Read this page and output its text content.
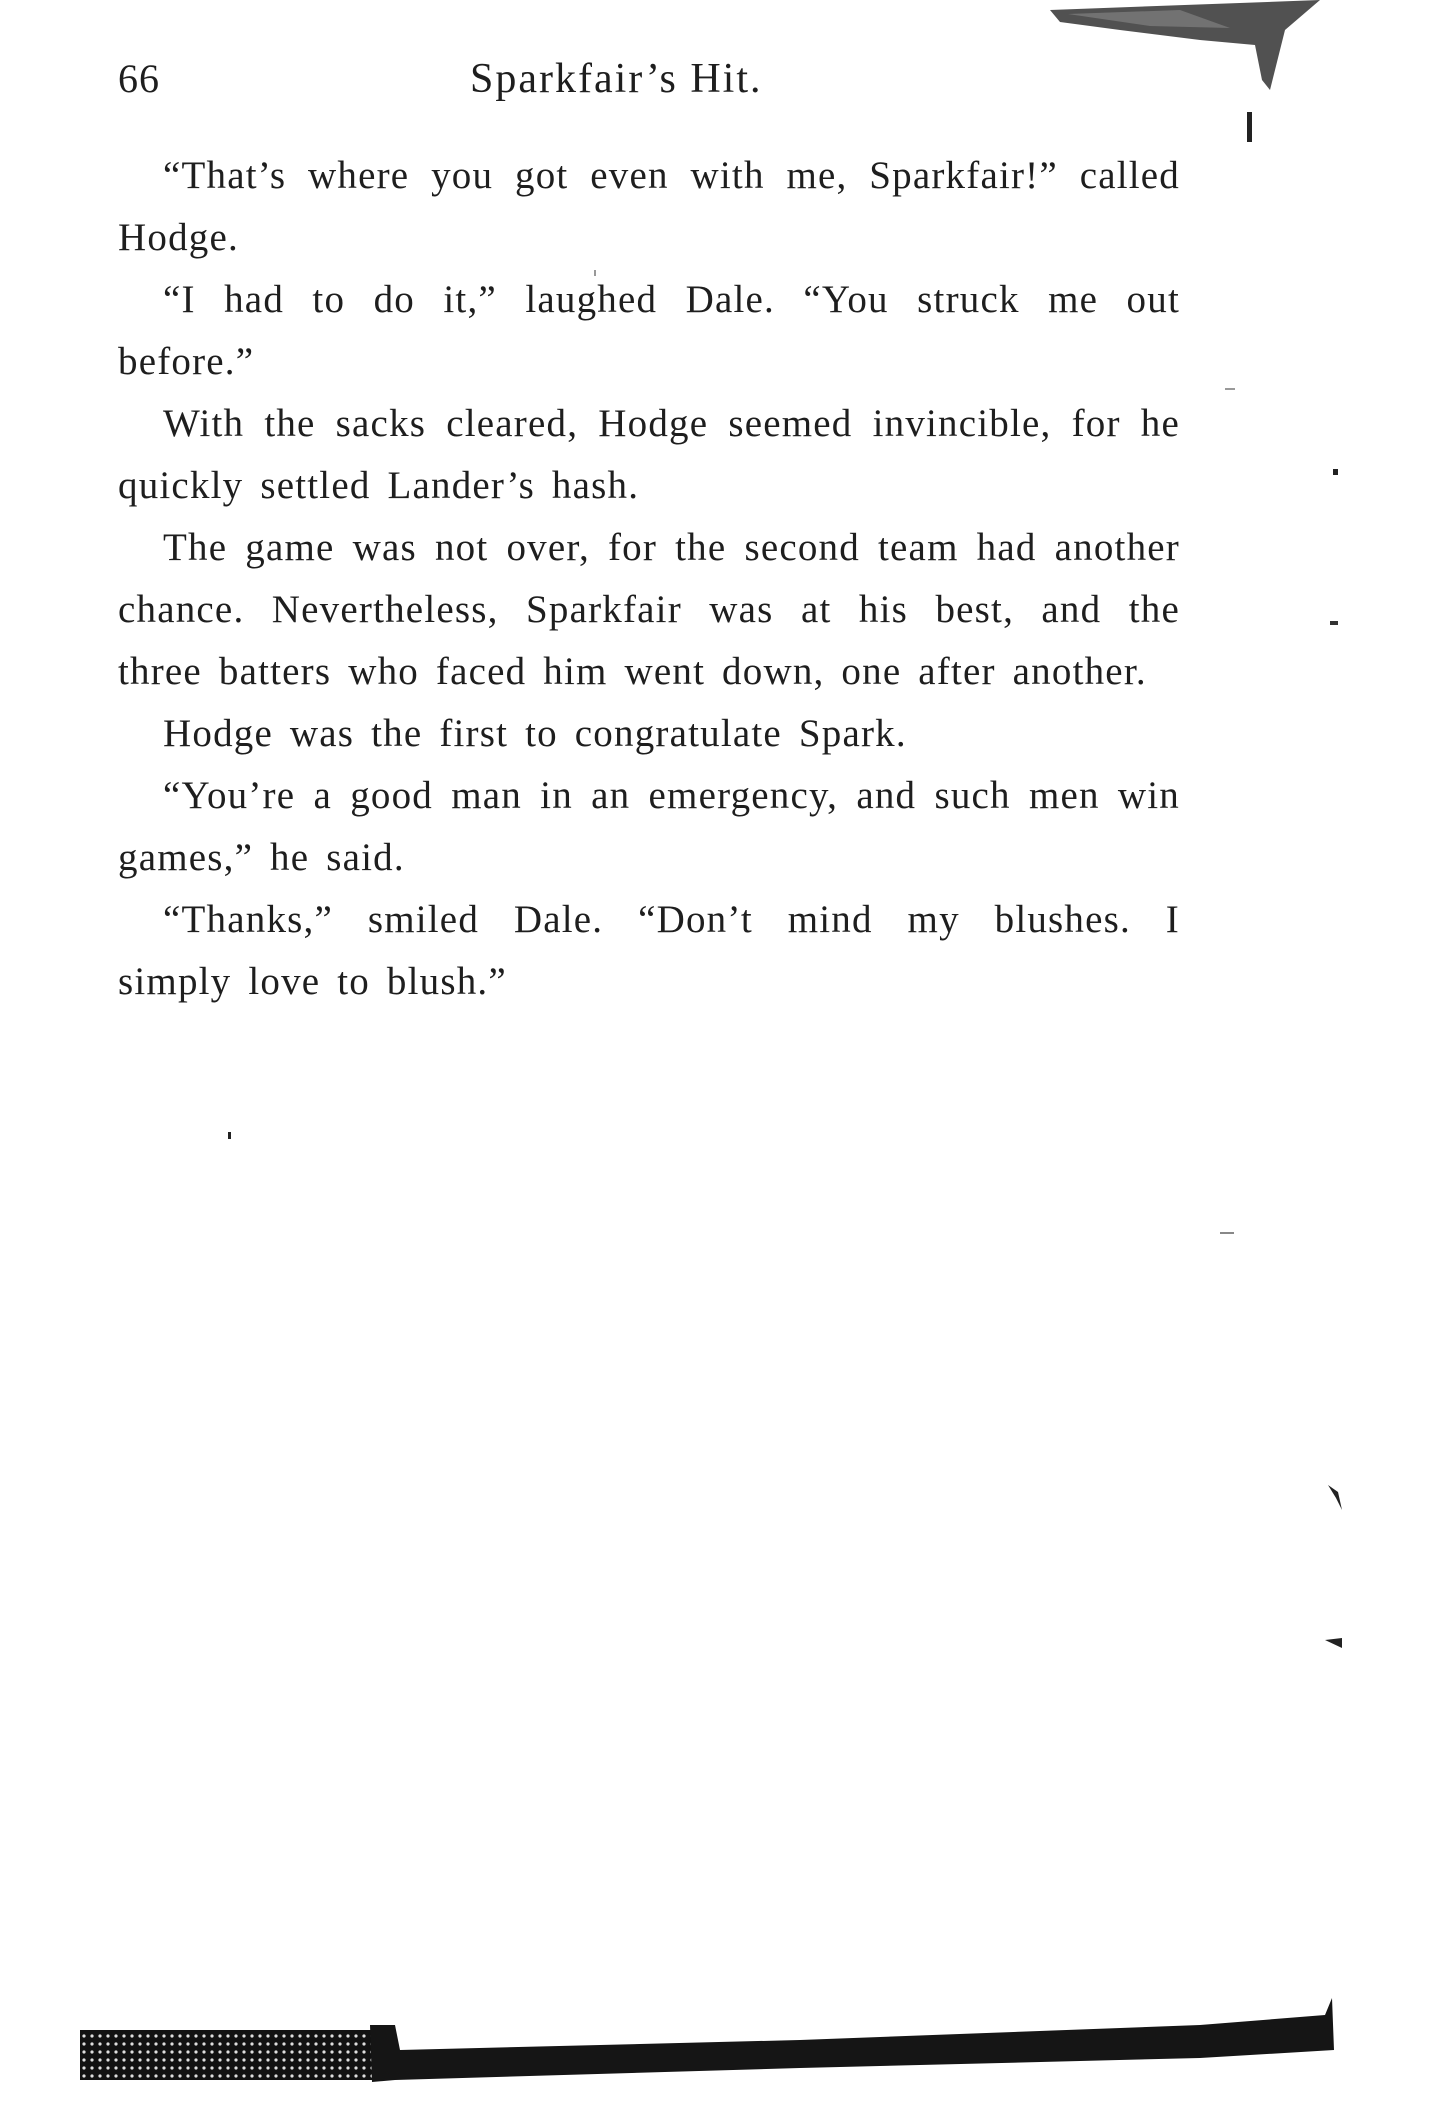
66	Sparkfair’s Hit.

“That’s where you got even with me, Sparkfair!” called Hodge.

“I had to do it,” laughed Dale. “You struck me out before.”

With the sacks cleared, Hodge seemed invincible, for he quickly settled Lander’s hash.

The game was not over, for the second team had another chance. Nevertheless, Sparkfair was at his best, and the three batters who faced him went down, one after another.

Hodge was the first to congratulate Spark.

“You’re a good man in an emergency, and such men win games,” he said.

“Thanks,” smiled Dale. “Don’t mind my blushes. I simply love to blush.”
